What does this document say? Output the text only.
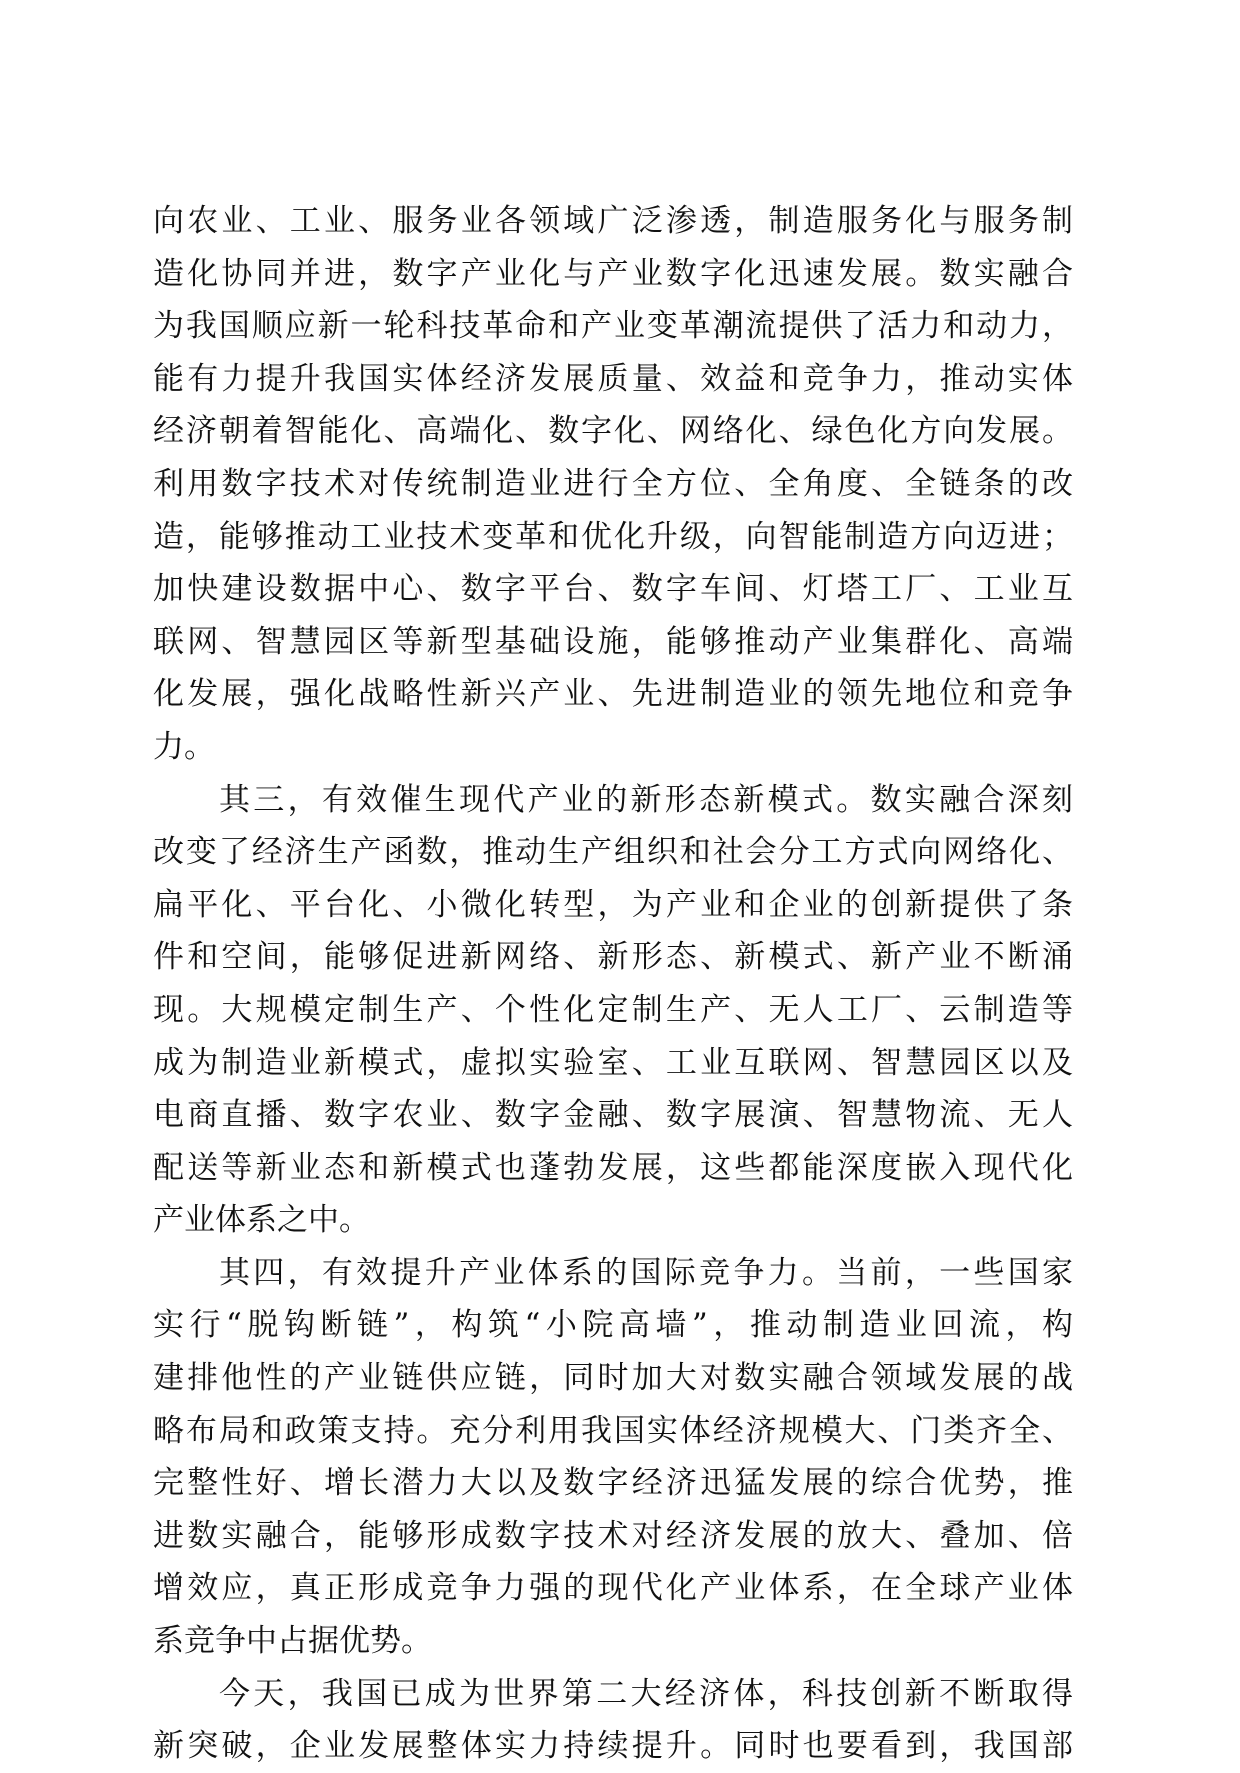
向农业、工业、服务业各领域广泛渗透，制造服务化与服务制
造化协同并进，数字产业化与产业数字化迅速发展。数实融合
为我国顺应新一轮科技革命和产业变革潮流提供了活力和动力，
能有力提升我国实体经济发展质量、效益和竞争力，推动实体
经济朝着智能化、高端化、数字化、网络化、绿色化方向发展。
利用数字技术对传统制造业进行全方位、全角度、全链条的改
造，能够推动工业技术变革和优化升级，向智能制造方向迈进；
加快建设数据中心、数字平台、数字车间、灯塔工厂、工业互
联网、智慧园区等新型基础设施，能够推动产业集群化、高端
化发展，强化战略性新兴产业、先进制造业的领先地位和竞争
力。
其三，有效催生现代产业的新形态新模式。数实融合深刻
改变了经济生产函数，推动生产组织和社会分工方式向网络化、
扁平化、平台化、小微化转型，为产业和企业的创新提供了条
件和空间，能够促进新网络、新形态、新模式、新产业不断涌
现。大规模定制生产、个性化定制生产、无人工厂、云制造等
成为制造业新模式，虚拟实验室、工业互联网、智慧园区以及
电商直播、数字农业、数字金融、数字展演、智慧物流、无人
配送等新业态和新模式也蓬勃发展，这些都能深度嵌入现代化
产业体系之中。
其四，有效提升产业体系的国际竞争力。当前，一些国家
实行“脱钩断链”，构筑“小院高墙”，推动制造业回流，构
建排他性的产业链供应链，同时加大对数实融合领域发展的战
略布局和政策支持。充分利用我国实体经济规模大、门类齐全、
完整性好、增长潜力大以及数字经济迅猛发展的综合优势，推
进数实融合，能够形成数字技术对经济发展的放大、叠加、倍
增效应，真正形成竞争力强的现代化产业体系，在全球产业体
系竞争中占据优势。
今天，我国已成为世界第二大经济体，科技创新不断取得
新突破，企业发展整体实力持续提升。同时也要看到，我国部
